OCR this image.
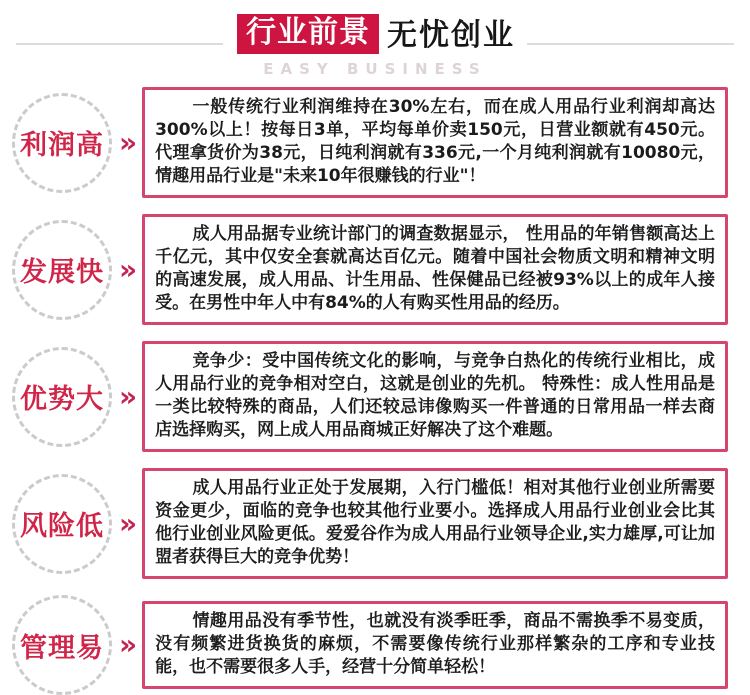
行业前景 无忧创业
EASY BUSINESS
利润高 »
一般传统行业利润维持在30%左右，而在成人用品行业利润却高达300%以上！按每日3单，平均每单价卖150元，日营业额就有450元。代理拿货价为38元，日纯利润就有336元,一个月纯利润就有10080元，情趣用品行业是"未来10年很赚钱的行业"！
发展快 »
成人用品据专业统计部门的调查数据显示， 性用品的年销售额高达上千亿元，其中仅安全套就高达百亿元。随着中国社会物质文明和精神文明的高速发展，成人用品、计生用品、性保健品已经被93%以上的成年人接受。在男性中年人中有84%的人有购买性用品的经历。
优势大 »
竞争少：受中国传统文化的影响，与竞争白热化的传统行业相比，成人用品行业的竞争相对空白，这就是创业的先机。 特殊性：成人性用品是一类比较特殊的商品，人们还较忌讳像购买一件普通的日常用品一样去商店选择购买，网上成人用品商城正好解决了这个难题。
风险低 »
成人用品行业正处于发展期，入行门槛低！相对其他行业创业所需要资金更少，面临的竞争也较其他行业要小。选择成人用品行业创业会比其他行业创业风险更低。爱爱谷作为成人用品行业领导企业,实力雄厚,可让加盟者获得巨大的竞争优势！
管理易 »
情趣用品没有季节性，也就没有淡季旺季，商品不需换季不易变质，没有频繁进货换货的麻烦，不需要像传统行业那样繁杂的工序和专业技能，也不需要很多人手，经营十分简单轻松！
